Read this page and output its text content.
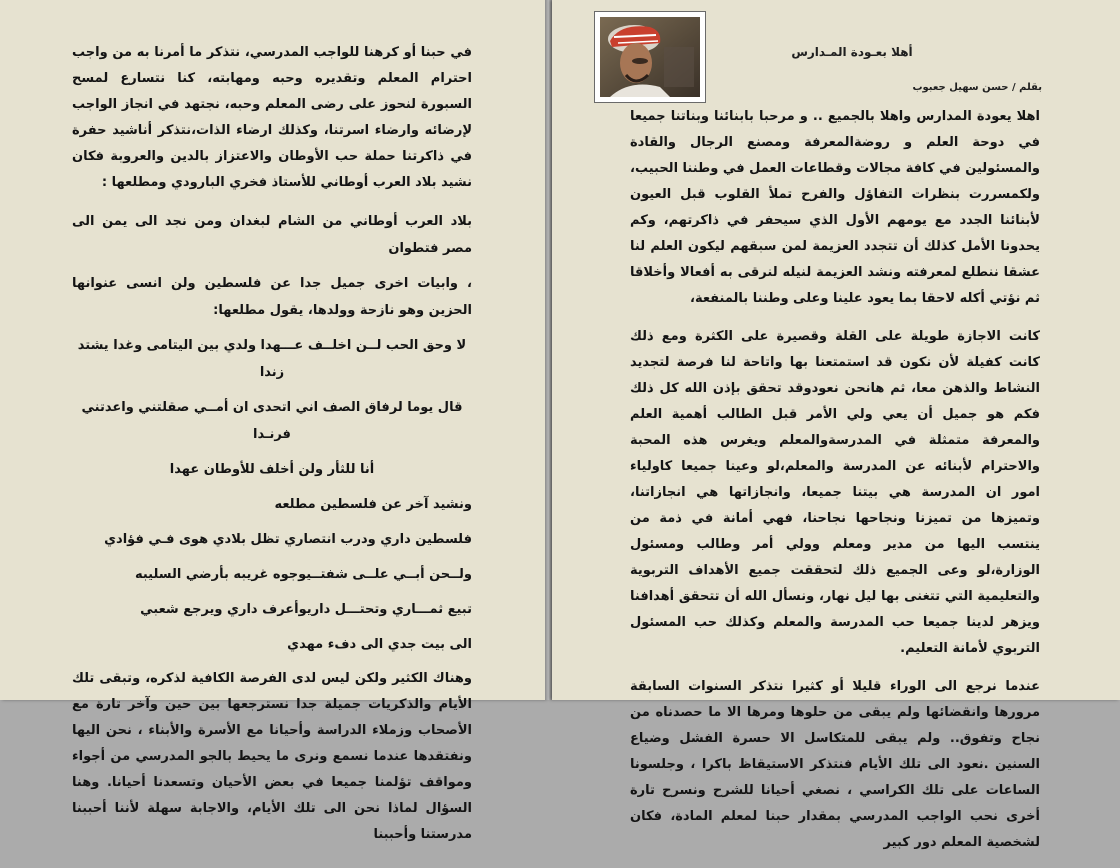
في حبنا أو كرهنا للواجب المدرسي، نتذكر ما أمرنا به من واجب احترام المعلم وتقديره وحبه ومهابته، كنا نتسارع لمسح السبورة لنحوز على رضى المعلم وحبه، نجتهد في انجاز الواجب لإرضائه وارضاء اسرتنا، وكذلك ارضاء الذات،نتذكر أناشيد حفرة في ذاكرتنا حملة حب الأوطان والاعتزاز بالدين والعروبة فكان نشيد بلاد العرب أوطاني للأستاذ فخري البارودي ومطلعها :

بلاد العرب أوطاني من الشام لبغدان ومن نجد الى يمن الى مصر فتطوان
، وابيات اخرى جميل جدا عن فلسطين ولن انسى عنوانها الحزين وهو نازحة وولدها، يقول مطلعها:
لا وحق الحب لــن اخلــف عـــهدا ولدي بين اليتامى وغدا يشتد زندا
قال يوما لرفاق الصف اني اتحدى ان أمــي صقلتني واعدتني فرنـدا
أنا للثأر ولن أخلف للأوطان عهدا
ونشيد آخر عن فلسطين مطلعه
فلسطين داري ودرب انتصاري تظل بلادي هوى فـي فؤادي
ولــحن أبــي علــى شفتــيوجوه غريبه بأرضي السليبه
تبيع ثمـــاري وتحتـــل داريوأعرف داري ويرجع شعبي
الى بيت جدي الى دفء مهدي

وهناك الكثير ولكن ليس لدى الفرصة الكافية لذكره، وتبقى تلك الأيام والذكريات جميلة جدا نسترجعها بين حين وآخر تارة مع الأصحاب وزملاء الدراسة وأحيانا مع الأسرة والأبناء ، نحن اليها ونفتقدها عندما نسمع ونرى ما يحيط بالجو المدرسي من أجواء ومواقف تؤلمنا جميعا في بعض الأحيان وتسعدنا أحيانا. وهنا السؤال لماذا نحن الى تلك الأيام، والاجابة سهلة لأننا أحببنا مدرستنا وأحببنا

أهلا بعـودة المـدارس
بقلم / حسن سهيل جعبوب

اهلا يعودة المدارس واهلا بالجميع .. و مرحبا بابنائنا وبناتنا جميعا في دوحة العلم و روضةالمعرفة ومصنع الرجال والقادة والمسئولين في كافة مجالات وقطاعات العمل في وطننا الحبيب، ولكمسررت بنظرات التفاؤل والفرح تملأ القلوب قبل العيون لأبنائنا الجدد مع يومهم الأول الذي سيحفر في ذاكرتهم، وكم يحدونا الأمل كذلك أن تتجدد العزيمة لمن سبقهم ليكون العلم لنا عشقا ننطلع لمعرفته ونشد العزيمة لنيله لنرقى به أفعالا وأخلاقا ثم نؤتي أكله لاحقا بما يعود علينا وعلى وطننا بالمنفعة،

كانت الاجازة طويلة على القلة وقصيرة على الكثرة ومع ذلك كانت كفيلة لأن نكون قد استمتعنا بها واتاحة لنا فرصة لتجديد النشاط والذهن معا، ثم هانحن نعودوقد تحقق بإذن الله كل ذلك فكم هو جميل أن يعي ولي الأمر قبل الطالب أهمية العلم والمعرفة متمثلة في المدرسةوالمعلم ويغرس هذه المحبة والاحترام لأبنائه عن المدرسة والمعلم،لو وعينا جميعا كاولياء امور ان المدرسة هي بيتنا جميعا، وانجازاتها هي انجازاتنا، وتميزها من تميزنا ونجاحها نجاحنا، فهي أمانة في ذمة من ينتسب اليها من مدير ومعلم وولي أمر وطالب ومسئول الوزارة،لو وعى الجميع ذلك لتحققت جميع الأهداف التربوية والتعليمية التي تتغنى بها ليل نهار، ونسأل الله أن تتحقق أهدافنا ويزهر لدينا جميعا حب المدرسة والمعلم وكذلك حب المسئول التربوي لأمانة التعليم.

عندما نرجع الى الوراء قليلا أو كثيرا نتذكر السنوات السابقة مرورها وانقضائها ولم يبقى من حلوها ومرها الا ما حصدناه من نجاح وتفوق.. ولم يبقى للمتكاسل الا حسرة الفشل وضياع السنين .نعود الى تلك الأيام فنتذكر الاستيقاظ باكرا ، وجلسونا الساعات على تلك الكراسي ، نصغي أحيانا للشرح ونسرح تارة أخرى نحب الواجب المدرسي بمقدار حبنا لمعلم المادة، فكان لشخصية المعلم دور كبير
